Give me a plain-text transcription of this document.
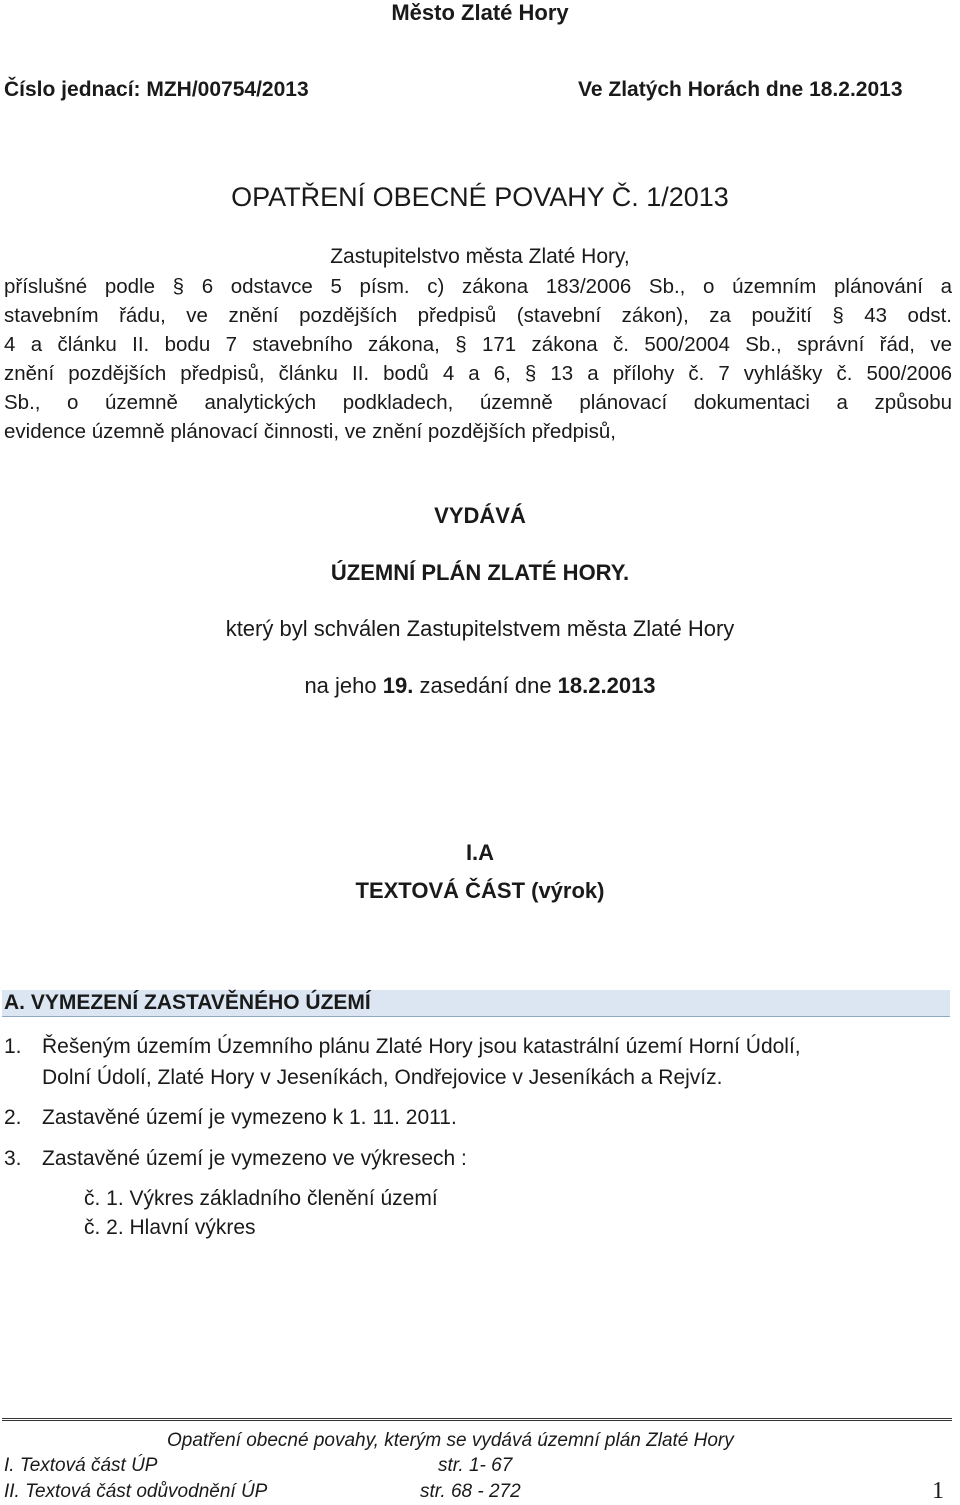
Město Zlaté Hory
Číslo jednací: MZH/00754/2013	Ve Zlatých Horách dne 18.2.2013
OPATŘENÍ OBECNÉ POVAHY Č. 1/2013
Zastupitelstvo města Zlaté Hory,
příslušné podle § 6 odstavce 5 písm. c) zákona 183/2006 Sb., o územním plánování a
stavebním řádu, ve znění pozdějších předpisů (stavební zákon), za použití § 43 odst.
4 a článku II. bodu 7 stavebního zákona, § 171 zákona č. 500/2004 Sb., správní řád, ve
znění pozdějších předpisů, článku II. bodů 4 a 6, § 13 a přílohy č. 7 vyhlášky č. 500/2006
Sb., o územně analytických podkladech, územně plánovací dokumentaci a způsobu
evidence územně plánovací činnosti, ve znění pozdějších předpisů,
VYDÁVÁ
ÚZEMNÍ PLÁN ZLATÉ HORY.
který byl schválen Zastupitelstvem města Zlaté Hory
na jeho 19. zasedání dne 18.2.2013
I.A
TEXTOVÁ ČÁST (výrok)
A. VYMEZENÍ ZASTAVĚNÉHO ÚZEMÍ
1. Řešeným územím Územního plánu Zlaté Hory jsou katastrální území Horní Údolí,
Dolní Údolí, Zlaté Hory v Jeseníkách, Ondřejovice v Jeseníkách a Rejvíz.
2. Zastavěné území je vymezeno k 1. 11. 2011.
3. Zastavěné území je vymezeno ve výkresech :
č. 1. Výkres základního členění území
č. 2. Hlavní výkres
Opatření obecné povahy, kterým se vydává územní plán Zlaté Hory
I. Textová část ÚP	str. 1- 67
II. Textová část odůvodnění ÚP	str. 68 - 272	1
